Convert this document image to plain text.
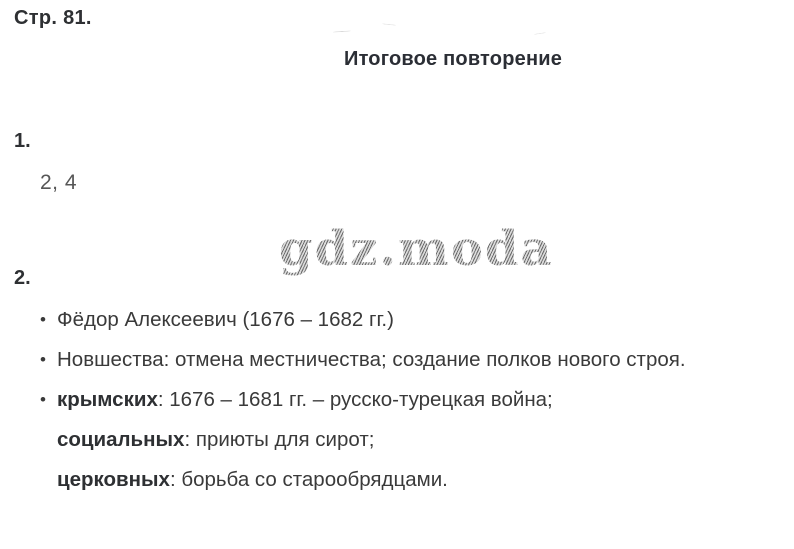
Стр. 81.
Итоговое повторение
1.
2, 4
gdz.moda
2.
• Фёдор Алексеевич (1676 – 1682 гг.)
• Новшества: отмена местничества; создание полков нового строя.
• крымских: 1676 – 1681 гг. – русско-турецкая война;
социальных: приюты для сирот;
церковных: борьба со старообрядцами.
